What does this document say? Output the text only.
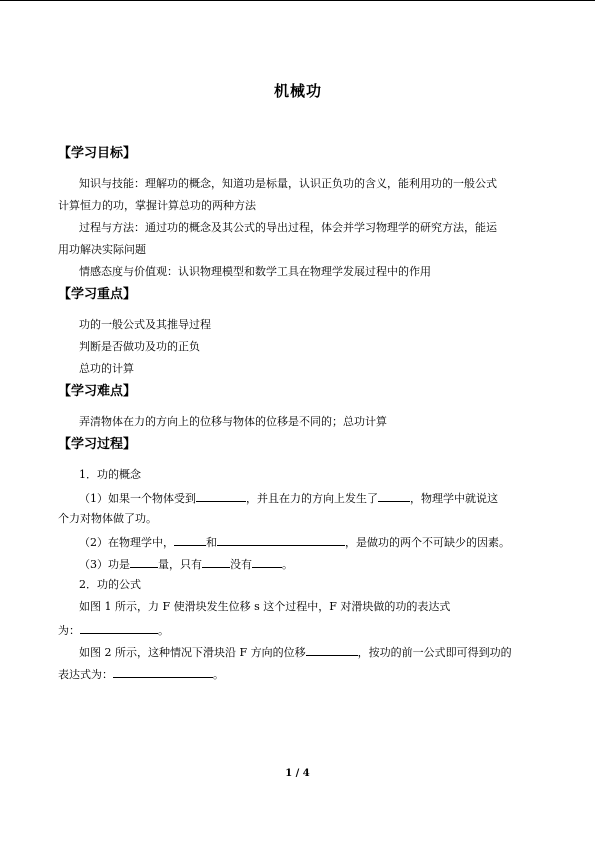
机械功
【学习目标】
知识与技能：理解功的概念，知道功是标量，认识正负功的含义，能利用功的一般公式
计算恒力的功，掌握计算总功的两种方法
过程与方法：通过功的概念及其公式的导出过程，体会并学习物理学的研究方法，能运
用功解决实际问题
情感态度与价值观：认识物理模型和数学工具在物理学发展过程中的作用
【学习重点】
功的一般公式及其推导过程
判断是否做功及功的正负
总功的计算
【学习难点】
弄清物体在力的方向上的位移与物体的位移是不同的；总功计算
【学习过程】
1．功的概念
（1）如果一个物体受到	，并且在力的方向上发生了	，物理学中就说这
个力对物体做了功。
（2）在物理学中，	和	，是做功的两个不可缺少的因素。
（3）功是	量，只有	没有	。
2．功的公式
如图 1 所示，力 F 使滑块发生位移 s 这个过程中，F 对滑块做的功的表达式
为：	。
如图 2 所示，这种情况下滑块沿 F 方向的位移	，按功的前一公式即可得到功的
表达式为：	。
1 / 4
